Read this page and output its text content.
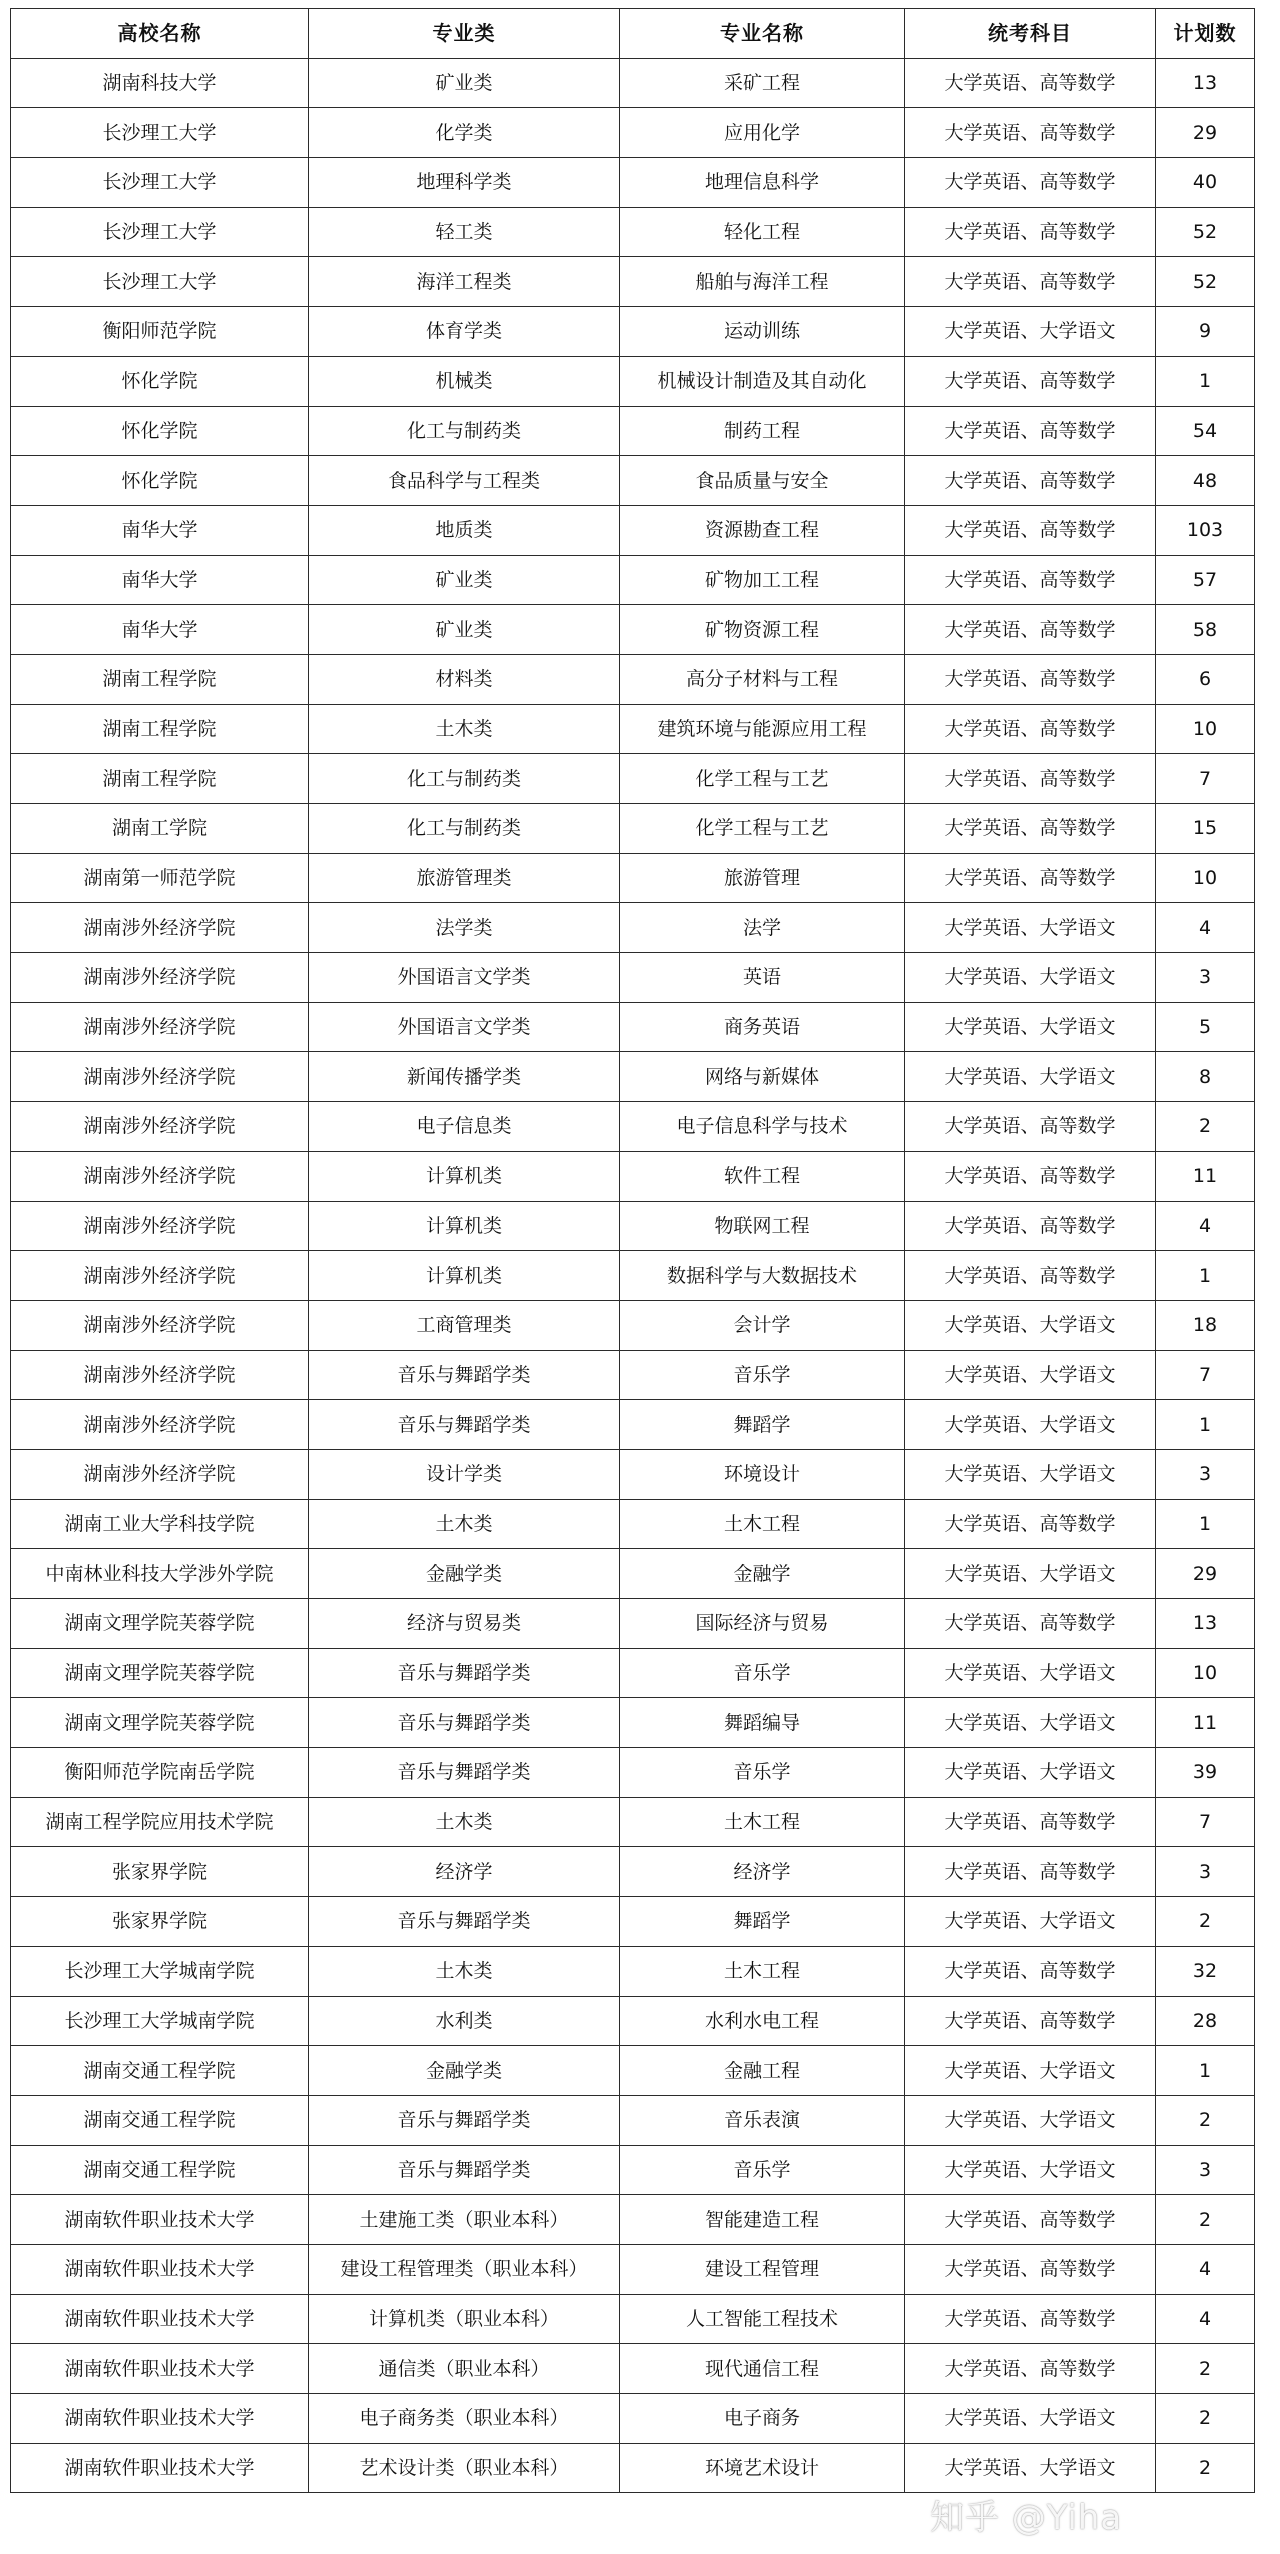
高校名称	专业类	专业名称	统考科目	计划数
湖南科技大学	矿业类	采矿工程	大学英语、高等数学	13
长沙理工大学	化学类	应用化学	大学英语、高等数学	29
长沙理工大学	地理科学类	地理信息科学	大学英语、高等数学	40
长沙理工大学	轻工类	轻化工程	大学英语、高等数学	52
长沙理工大学	海洋工程类	船舶与海洋工程	大学英语、高等数学	52
衡阳师范学院	体育学类	运动训练	大学英语、大学语文	9
怀化学院	机械类	机械设计制造及其自动化	大学英语、高等数学	1
怀化学院	化工与制药类	制药工程	大学英语、高等数学	54
怀化学院	食品科学与工程类	食品质量与安全	大学英语、高等数学	48
南华大学	地质类	资源勘查工程	大学英语、高等数学	103
南华大学	矿业类	矿物加工工程	大学英语、高等数学	57
南华大学	矿业类	矿物资源工程	大学英语、高等数学	58
湖南工程学院	材料类	高分子材料与工程	大学英语、高等数学	6
湖南工程学院	土木类	建筑环境与能源应用工程	大学英语、高等数学	10
湖南工程学院	化工与制药类	化学工程与工艺	大学英语、高等数学	7
湖南工学院	化工与制药类	化学工程与工艺	大学英语、高等数学	15
湖南第一师范学院	旅游管理类	旅游管理	大学英语、高等数学	10
湖南涉外经济学院	法学类	法学	大学英语、大学语文	4
湖南涉外经济学院	外国语言文学类	英语	大学英语、大学语文	3
湖南涉外经济学院	外国语言文学类	商务英语	大学英语、大学语文	5
湖南涉外经济学院	新闻传播学类	网络与新媒体	大学英语、大学语文	8
湖南涉外经济学院	电子信息类	电子信息科学与技术	大学英语、高等数学	2
湖南涉外经济学院	计算机类	软件工程	大学英语、高等数学	11
湖南涉外经济学院	计算机类	物联网工程	大学英语、高等数学	4
湖南涉外经济学院	计算机类	数据科学与大数据技术	大学英语、高等数学	1
湖南涉外经济学院	工商管理类	会计学	大学英语、大学语文	18
湖南涉外经济学院	音乐与舞蹈学类	音乐学	大学英语、大学语文	7
湖南涉外经济学院	音乐与舞蹈学类	舞蹈学	大学英语、大学语文	1
湖南涉外经济学院	设计学类	环境设计	大学英语、大学语文	3
湖南工业大学科技学院	土木类	土木工程	大学英语、高等数学	1
中南林业科技大学涉外学院	金融学类	金融学	大学英语、大学语文	29
湖南文理学院芙蓉学院	经济与贸易类	国际经济与贸易	大学英语、高等数学	13
湖南文理学院芙蓉学院	音乐与舞蹈学类	音乐学	大学英语、大学语文	10
湖南文理学院芙蓉学院	音乐与舞蹈学类	舞蹈编导	大学英语、大学语文	11
衡阳师范学院南岳学院	音乐与舞蹈学类	音乐学	大学英语、大学语文	39
湖南工程学院应用技术学院	土木类	土木工程	大学英语、高等数学	7
张家界学院	经济学	经济学	大学英语、高等数学	3
张家界学院	音乐与舞蹈学类	舞蹈学	大学英语、大学语文	2
长沙理工大学城南学院	土木类	土木工程	大学英语、高等数学	32
长沙理工大学城南学院	水利类	水利水电工程	大学英语、高等数学	28
湖南交通工程学院	金融学类	金融工程	大学英语、大学语文	1
湖南交通工程学院	音乐与舞蹈学类	音乐表演	大学英语、大学语文	2
湖南交通工程学院	音乐与舞蹈学类	音乐学	大学英语、大学语文	3
湖南软件职业技术大学	土建施工类（职业本科）	智能建造工程	大学英语、高等数学	2
湖南软件职业技术大学	建设工程管理类（职业本科）	建设工程管理	大学英语、高等数学	4
湖南软件职业技术大学	计算机类（职业本科）	人工智能工程技术	大学英语、高等数学	4
湖南软件职业技术大学	通信类（职业本科）	现代通信工程	大学英语、高等数学	2
湖南软件职业技术大学	电子商务类（职业本科）	电子商务	大学英语、大学语文	2
湖南软件职业技术大学	艺术设计类（职业本科）	环境艺术设计	大学英语、大学语文	2
知乎 @Yiha
